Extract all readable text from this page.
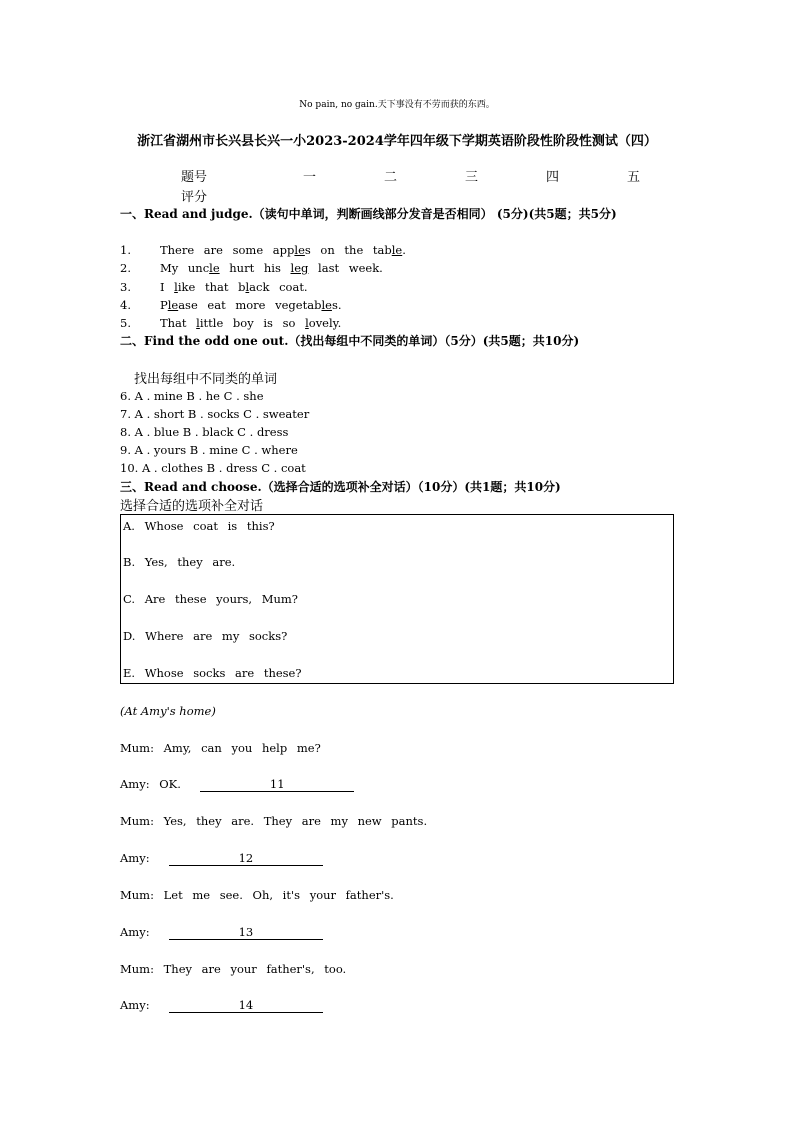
No pain, no gain.天下事没有不劳而获的东西。
浙江省湖州市长兴县长兴一小2023-2024学年四年级下学期英语阶段性阶段性测试（四）
题号	一	二	三	四	五
评分
一、Read and judge.（读句中单词，判断画线部分发音是否相同） (5分)(共5题；共5分)
1.	There are some apples on the table.
2.	My uncle hurt his leg last week.
3.	I like that black coat.
4.	Please eat more vegetables.
5.	That little boy is so lovely.
二、Find the odd one out.（找出每组中不同类的单词）（5分）(共5题；共10分)
找出每组中不同类的单词
6. A . mine B . he C . she
7. A . short B . socks C . sweater
8. A . blue B . black C . dress
9. A . yours B . mine C . where
10. A . clothes B . dress C . coat
三、Read and choose.（选择合适的选项补全对话）（10分）(共1题；共10分)
选择合适的选项补全对话
A. Whose coat is this?
B. Yes, they are.
C. Are these yours, Mum?
D. Where are my socks?
E. Whose socks are these?
(At Amy's home)
Mum: Amy, can you help me?
Amy: OK.	11
Mum: Yes, they are. They are my new pants.
Amy:	12
Mum: Let me see. Oh, it's your father's.
Amy:	13
Mum: They are your father's, too.
Amy:	14
